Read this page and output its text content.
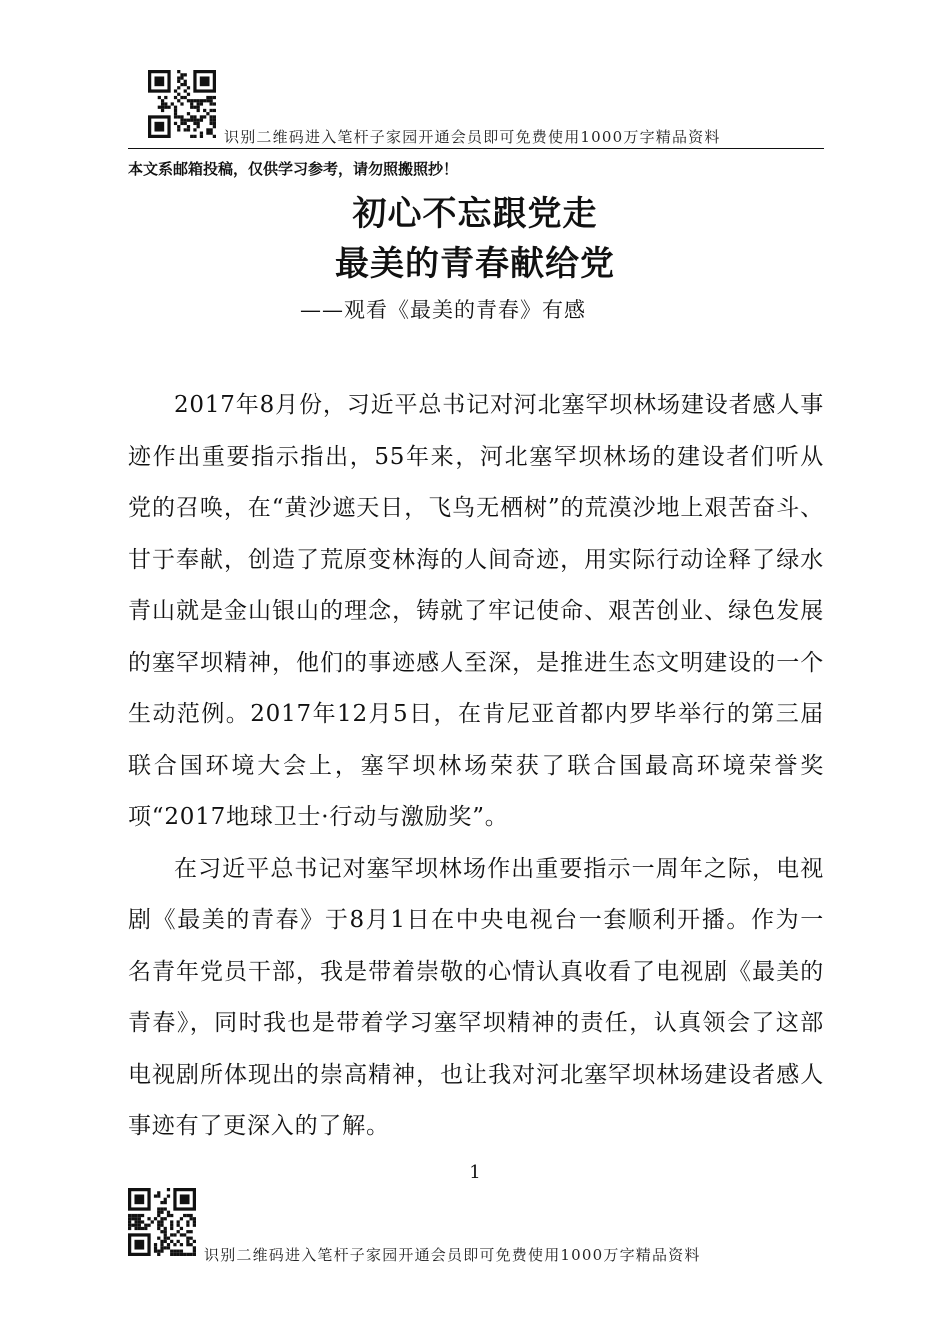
识别二维码进入笔杆子家园开通会员即可免费使用1000万字精品资料
本文系邮箱投稿，仅供学习参考，请勿照搬照抄！
初心不忘跟党走
最美的青春献给党
——观看《最美的青春》有感

2017年8月份，习近平总书记对河北塞罕坝林场建设者感人事迹作出重要指示指出，55年来，河北塞罕坝林场的建设者们听从党的召唤，在“黄沙遮天日，飞鸟无栖树”的荒漠沙地上艰苦奋斗、甘于奉献，创造了荒原变林海的人间奇迹，用实际行动诠释了绿水青山就是金山银山的理念，铸就了牢记使命、艰苦创业、绿色发展的塞罕坝精神，他们的事迹感人至深，是推进生态文明建设的一个生动范例。2017年12月5日，在肯尼亚首都内罗毕举行的第三届联合国环境大会上，塞罕坝林场荣获了联合国最高环境荣誉奖项“2017地球卫士·行动与激励奖”。

在习近平总书记对塞罕坝林场作出重要指示一周年之际，电视剧《最美的青春》于8月1日在中央电视台一套顺利开播。作为一名青年党员干部，我是带着崇敬的心情认真收看了电视剧《最美的青春》，同时我也是带着学习塞罕坝精神的责任，认真领会了这部电视剧所体现出的崇高精神，也让我对河北塞罕坝林场建设者感人事迹有了更深入的了解。

1
识别二维码进入笔杆子家园开通会员即可免费使用1000万字精品资料
